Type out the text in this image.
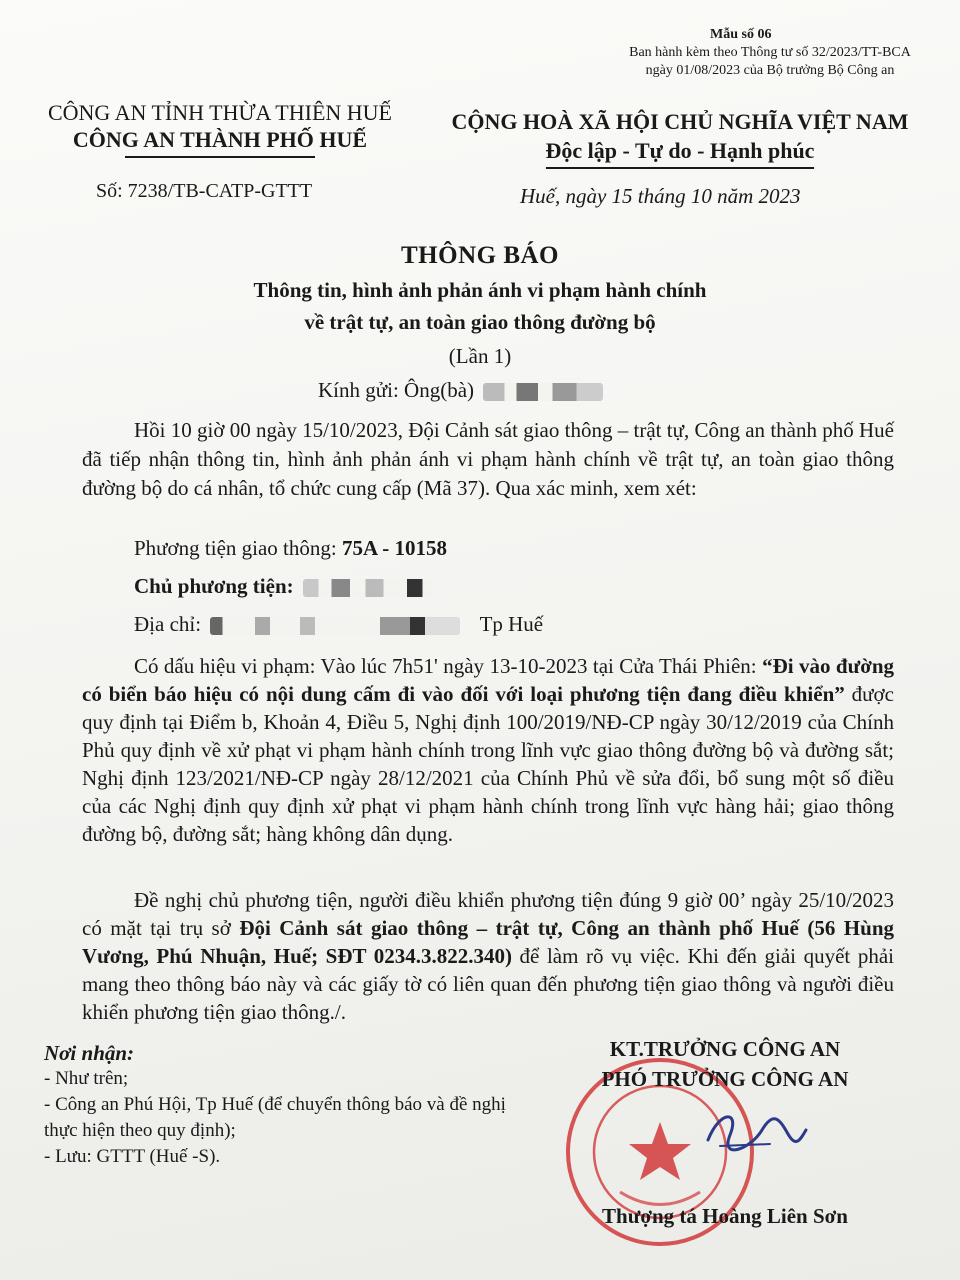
Mẫu số 06
Ban hành kèm theo Thông tư số 32/2023/TT-BCA
ngày 01/08/2023 của Bộ trưởng Bộ Công an
CÔNG AN TỈNH THỪA THIÊN HUẾ
CÔNG AN THÀNH PHỐ HUẾ
CỘNG HOÀ XÃ HỘI CHỦ NGHĨA VIỆT NAM
Độc lập - Tự do - Hạnh phúc
Số: 7238/TB-CATP-GTTT	Huế, ngày 15 tháng 10 năm 2023
THÔNG BÁO
Thông tin, hình ảnh phản ánh vi phạm hành chính
về trật tự, an toàn giao thông đường bộ
(Lần 1)
Kính gửi: Ông(bà)
Hồi 10 giờ 00 ngày 15/10/2023, Đội Cảnh sát giao thông – trật tự, Công an thành phố Huế đã tiếp nhận thông tin, hình ảnh phản ánh vi phạm hành chính về trật tự, an toàn giao thông đường bộ do cá nhân, tổ chức cung cấp (Mã 37). Qua xác minh, xem xét:
Phương tiện giao thông: 75A - 10158
Chủ phương tiện:
Địa chỉ:	Tp Huế
Có dấu hiệu vi phạm: Vào lúc 7h51' ngày 13-10-2023 tại Cửa Thái Phiên: “Đi vào đường có biển báo hiệu có nội dung cấm đi vào đối với loại phương tiện đang điều khiển” được quy định tại Điểm b, Khoản 4, Điều 5, Nghị định 100/2019/NĐ-CP ngày 30/12/2019 của Chính Phủ quy định về xử phạt vi phạm hành chính trong lĩnh vực giao thông đường bộ và đường sắt; Nghị định 123/2021/NĐ-CP ngày 28/12/2021 của Chính Phủ về sửa đổi, bổ sung một số điều của các Nghị định quy định xử phạt vi phạm hành chính trong lĩnh vực hàng hải; giao thông đường bộ, đường sắt; hàng không dân dụng.
Đề nghị chủ phương tiện, người điều khiển phương tiện đúng 9 giờ 00’ ngày 25/10/2023 có mặt tại trụ sở Đội Cảnh sát giao thông – trật tự, Công an thành phố Huế (56 Hùng Vương, Phú Nhuận, Huế; SĐT 0234.3.822.340) để làm rõ vụ việc. Khi đến giải quyết phải mang theo thông báo này và các giấy tờ có liên quan đến phương tiện giao thông và người điều khiển phương tiện giao thông./.
Nơi nhận:
- Như trên;
- Công an Phú Hội, Tp Huế (để chuyển thông báo và đề nghị thực hiện theo quy định);
- Lưu: GTTT (Huế -S).
KT.TRƯỞNG CÔNG AN
PHÓ TRƯỞNG CÔNG AN
Thượng tá Hoàng Liên Sơn
